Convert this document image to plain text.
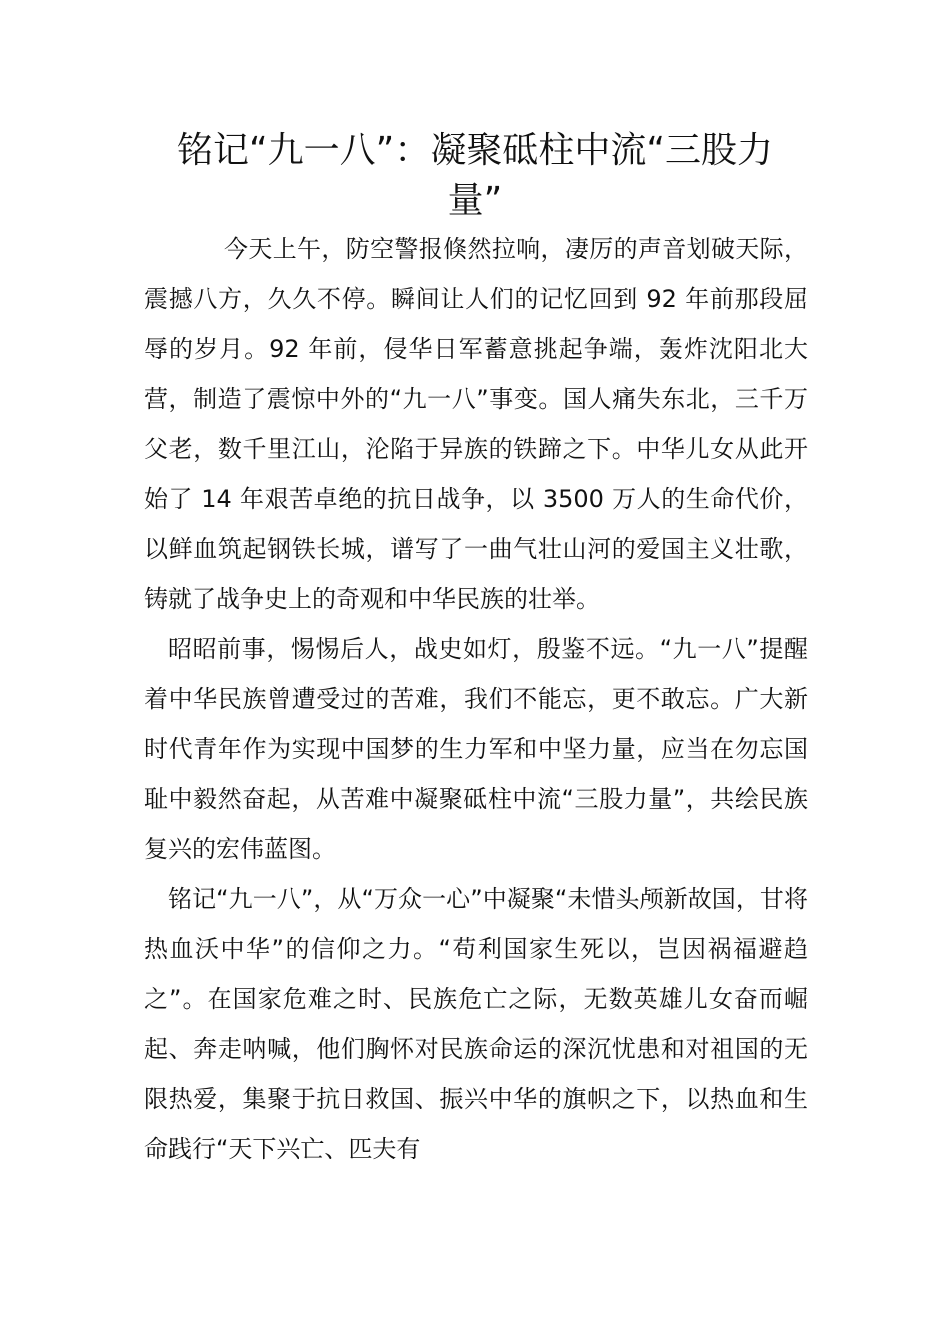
铭记“九一八”：凝聚砥柱中流“三股力量”

今天上午，防空警报倏然拉响，凄厉的声音划破天际，震撼八方，久久不停。瞬间让人们的记忆回到 92 年前那段屈辱的岁月。92 年前，侵华日军蓄意挑起争端，轰炸沈阳北大营，制造了震惊中外的“九一八”事变。国人痛失东北，三千万父老，数千里江山，沦陷于异族的铁蹄之下。中华儿女从此开始了 14 年艰苦卓绝的抗日战争，以 3500 万人的生命代价，以鲜血筑起钢铁长城，谱写了一曲气壮山河的爱国主义壮歌，铸就了战争史上的奇观和中华民族的壮举。

昭昭前事，惕惕后人，战史如灯，殷鉴不远。“九一八”提醒着中华民族曾遭受过的苦难，我们不能忘，更不敢忘。广大新时代青年作为实现中国梦的生力军和中坚力量，应当在勿忘国耻中毅然奋起，从苦难中凝聚砥柱中流“三股力量”，共绘民族复兴的宏伟蓝图。

铭记“九一八”，从“万众一心”中凝聚“未惜头颅新故国，甘将热血沃中华”的信仰之力。“苟利国家生死以，岂因祸福避趋之”。在国家危难之时、民族危亡之际，无数英雄儿女奋而崛起、奔走呐喊，他们胸怀对民族命运的深沉忧患和对祖国的无限热爱，集聚于抗日救国、振兴中华的旗帜之下，以热血和生命践行“天下兴亡、匹夫有
